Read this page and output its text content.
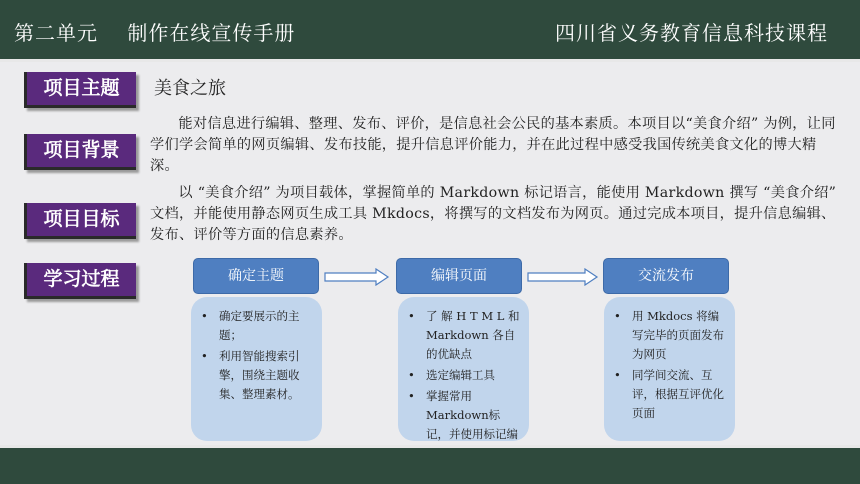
第二单元    制作在线宣传手册	四川省义务教育信息科技课程
项目主题
项目背景
项目目标
学习过程
美食之旅
能对信息进行编辑、整理、发布、评价，是信息社会公民的基本素质。本项目以“美食介绍” 为例，让同学们学会简单的网页编辑、发布技能，提升信息评价能力，并在此过程中感受我国传统美食文化的博大精深。
以 “美食介绍” 为项目载体，掌握简单的 Markdown 标记语言，能使用 Markdown 撰写 “美食介绍” 文档，并能使用静态网页生成工具 Mkdocs，将撰写的文档发布为网页。通过完成本项目，提升信息编辑、发布、评价等方面的信息素养。
确定主题	编辑页面	交流发布
• 确定要展示的主题；
• 利用智能搜索引擎，围绕主题收集、整理素材。
• 了 解 H T M L 和 Markdown 各自的优缺点
• 选定编辑工具
• 掌握常用Markdown标记，并使用标记编
• 用 Mkdocs 将编写完毕的页面发布为网页
• 同学间交流、互评，根据互评优化页面
